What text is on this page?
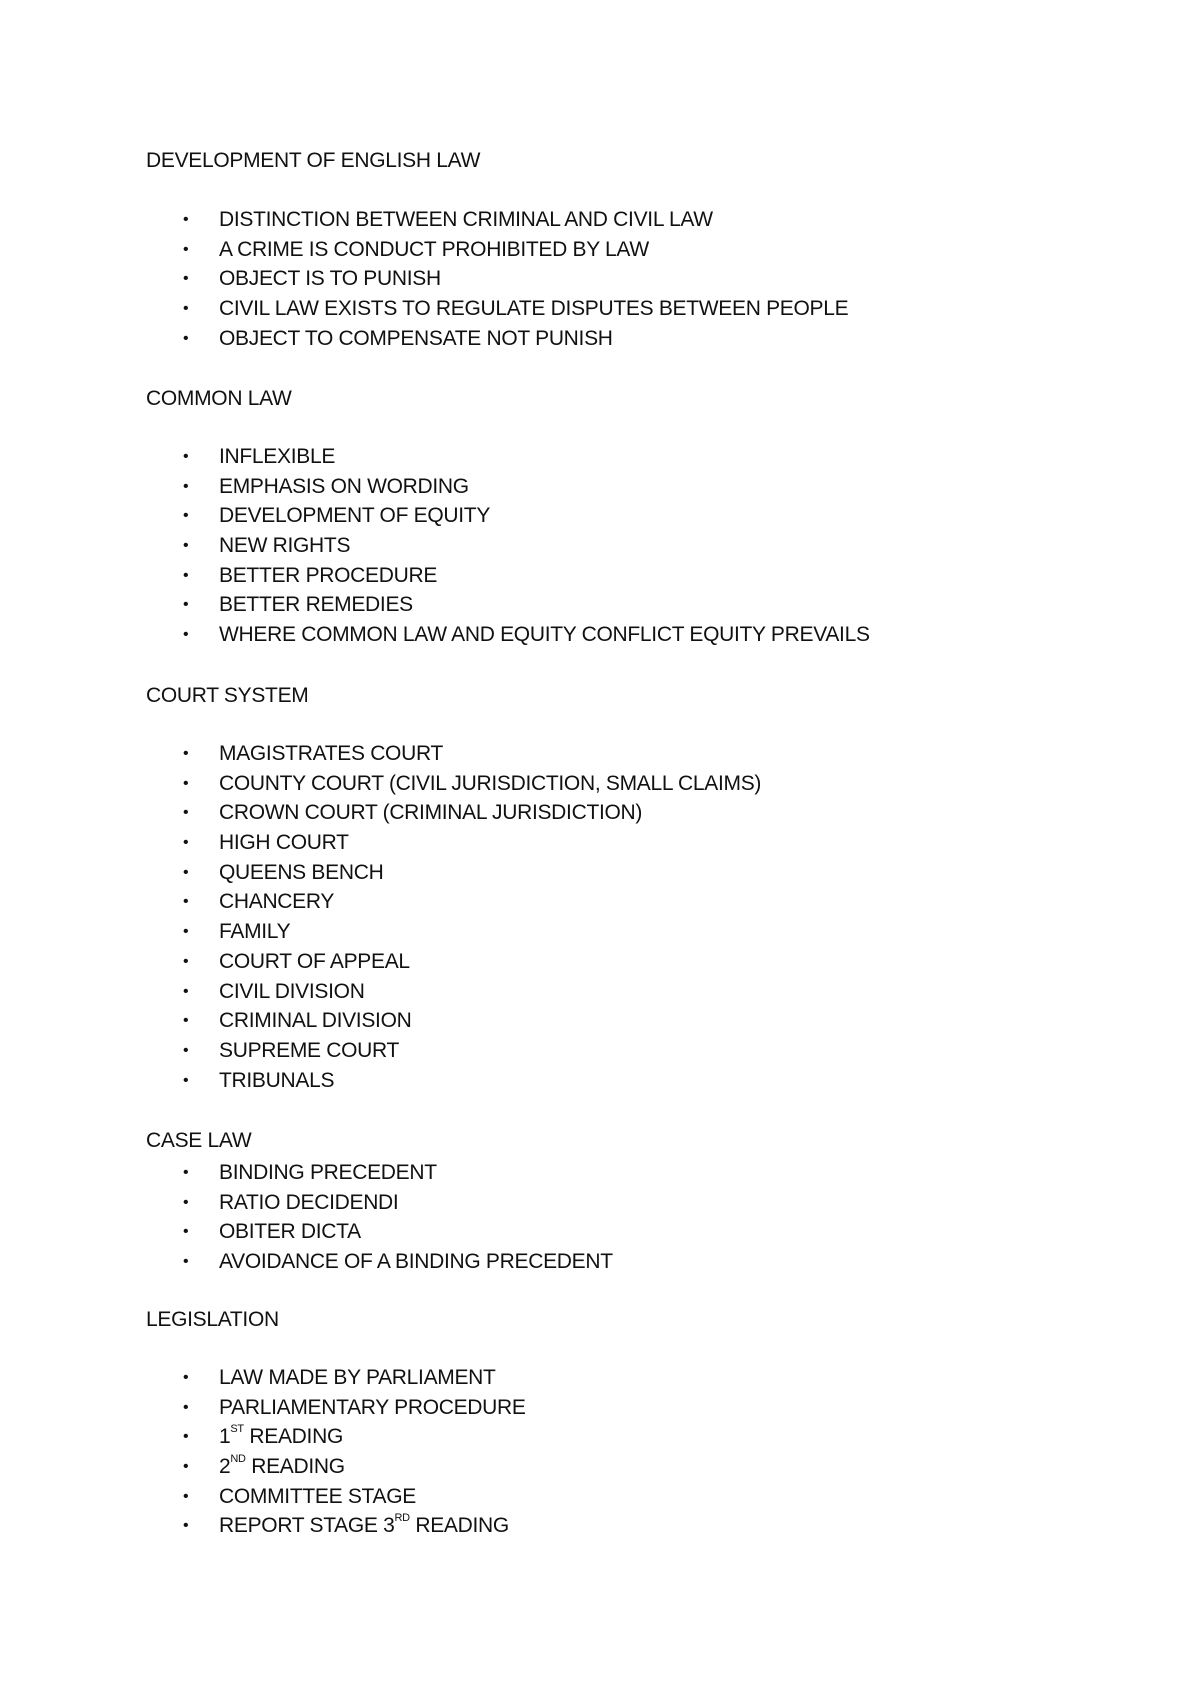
DEVELOPMENT OF ENGLISH LAW
• DISTINCTION BETWEEN CRIMINAL AND CIVIL LAW
• A CRIME IS CONDUCT PROHIBITED BY LAW
• OBJECT IS TO PUNISH
• CIVIL LAW EXISTS TO REGULATE DISPUTES BETWEEN PEOPLE
• OBJECT TO COMPENSATE NOT PUNISH
COMMON LAW
• INFLEXIBLE
• EMPHASIS ON WORDING
• DEVELOPMENT OF EQUITY
• NEW RIGHTS
• BETTER PROCEDURE
• BETTER REMEDIES
• WHERE COMMON LAW AND EQUITY CONFLICT EQUITY PREVAILS
COURT SYSTEM
• MAGISTRATES COURT
• COUNTY COURT (CIVIL JURISDICTION, SMALL CLAIMS)
• CROWN COURT (CRIMINAL JURISDICTION)
• HIGH COURT
• QUEENS BENCH
• CHANCERY
• FAMILY
• COURT OF APPEAL
• CIVIL DIVISION
• CRIMINAL DIVISION
• SUPREME COURT
• TRIBUNALS
CASE LAW
• BINDING PRECEDENT
• RATIO DECIDENDI
• OBITER DICTA
• AVOIDANCE OF A BINDING PRECEDENT
LEGISLATION
• LAW MADE BY PARLIAMENT
• PARLIAMENTARY PROCEDURE
• 1ST READING
• 2ND READING
• COMMITTEE STAGE
• REPORT STAGE 3RD READING
